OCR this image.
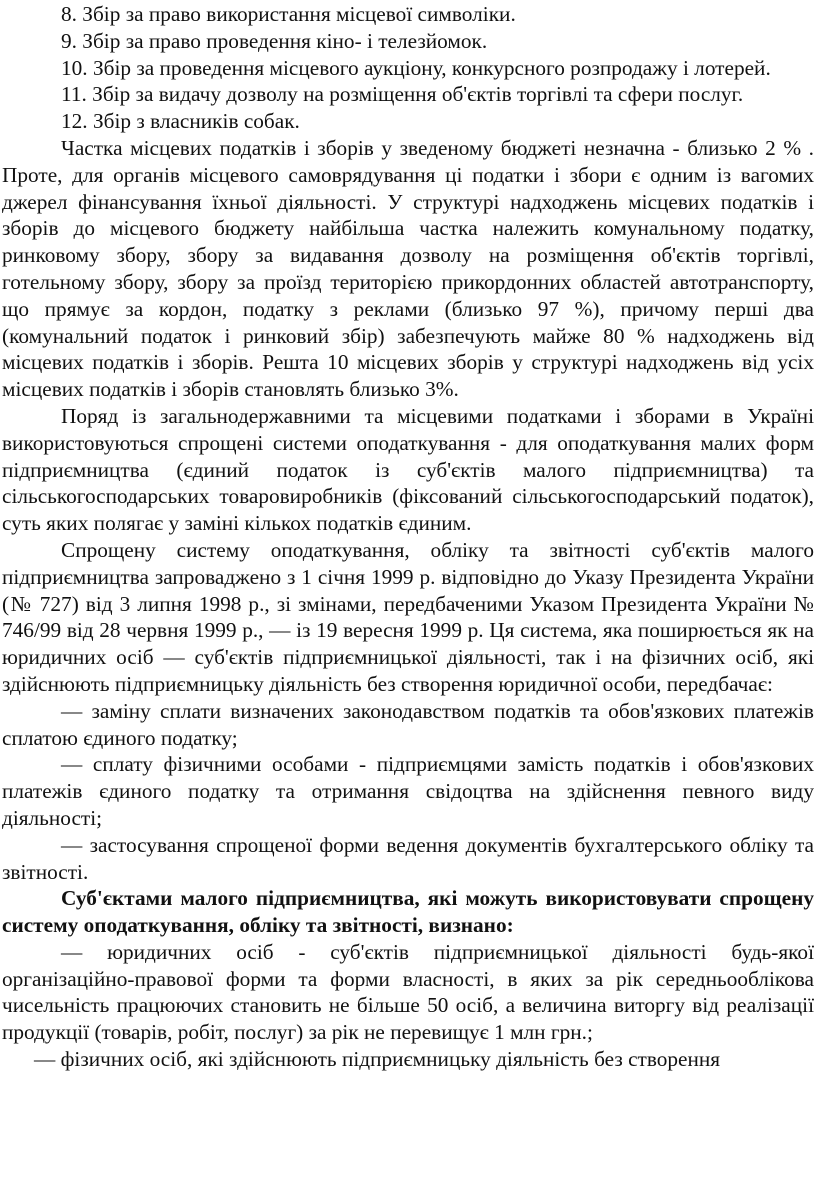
8. Збір за право використання місцевої символіки.

9. Збір за право проведення кіно- і телезйомок.

10. Збір за проведення місцевого аукціону, конкурсного розпродажу і лотерей.

11. Збір за видачу дозволу на розміщення об'єктів торгівлі та сфери послуг.

12. Збір з власників собак.

Частка місцевих податків і зборів у зведеному бюджеті незначна - близько 2 % . Проте, для органів місцевого самоврядування ці податки і збори є одним із вагомих джерел фінансування їхньої діяльності. У структурі надходжень місцевих податків і зборів до місцевого бюджету найбільша частка належить комунальному податку, ринковому збору, збору за видавання дозволу на розміщення об'єктів торгівлі, готельному збору, збору за проїзд територією прикордонних областей автотранспорту, що прямує за кордон, податку з реклами (близько 97 %), причому перші два (комунальний податок і ринковий збір) забезпечують майже 80 % надходжень від місцевих податків і зборів. Решта 10 місцевих зборів у структурі надходжень від усіх місцевих податків і зборів становлять близько 3%.

Поряд із загальнодержавними та місцевими податками і зборами в Україні використовуються спрощені системи оподаткування - для оподаткування малих форм підприємництва (єдиний податок із суб'єктів малого підприємництва) та сільськогосподарських товаровиробників (фіксований сільськогосподарський податок), суть яких полягає у заміні кількох податків єдиним.

Спрощену систему оподаткування, обліку та звітності суб'єктів малого підприємництва запроваджено з 1 січня 1999 р. відповідно до Указу Президента України (№ 727) від 3 липня 1998 р., зі змінами, передбаченими Указом Президента України № 746/99 від 28 червня 1999 р., — із 19 вересня 1999 р. Ця система, яка поширюється як на юридичних осіб — суб'єктів підприємницької діяльності, так і на фізичних осіб, які здійснюють підприємницьку діяльність без створення юридичної особи, передбачає:

— заміну сплати визначених законодавством податків та обов'язкових платежів сплатою єдиного податку;

— сплату фізичними особами - підприємцями замість податків і обов'язкових платежів єдиного податку та отримання свідоцтва на здійснення певного виду діяльності;

— застосування спрощеної форми ведення документів бухгалтерського обліку та звітності.

Суб'єктами малого підприємництва, які можуть використовувати спрощену систему оподаткування, обліку та звітності, визнано:

— юридичних осіб - суб'єктів підприємницької діяльності будь-якої організаційно-правової форми та форми власності, в яких за рік середньооблікова чисельність працюючих становить не більше 50 осіб, а величина виторгу від реалізації продукції (товарів, робіт, послуг) за рік не перевищує 1 млн грн.;

— фізичних осіб, які здійснюють підприємницьку діяльність без створення
